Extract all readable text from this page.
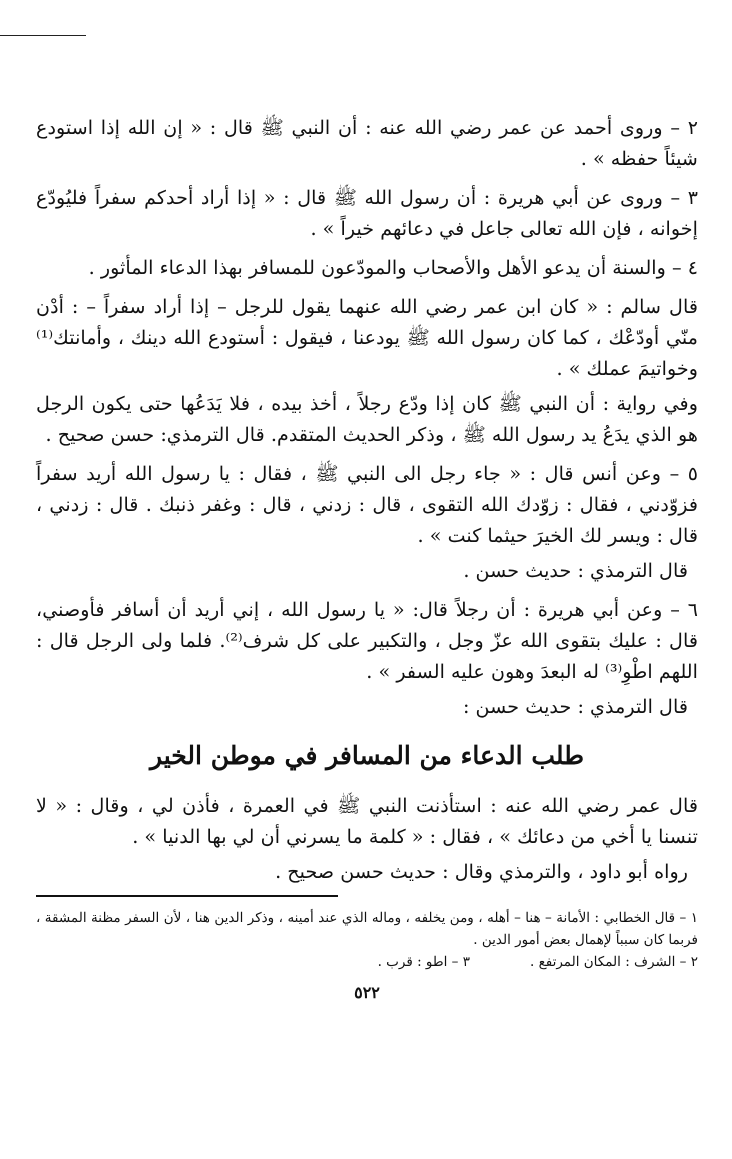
٢ – وروى أحمد عن عمر رضي الله عنه : أن النبي ﷺ قال : « إن الله إذا استودع شيئاً حفظه » .

٣ – وروى عن أبي هريرة : أن رسول الله ﷺ قال : « إذا أراد أحدكم سفراً فليُودّع إخوانه ، فإن الله تعالى جاعل في دعائهم خيراً » .

٤ – والسنة أن يدعو الأهل والأصحاب والمودّعون للمسافر بهذا الدعاء المأثور .

قال سالم : « كان ابن عمر رضي الله عنهما يقول للرجل – إذا أراد سفراً – : أدْن منّي أودّعْك ، كما كان رسول الله ﷺ يودعنا ، فيقول : أستودع الله دينك ، وأمانتك⁽¹⁾ وخواتيمَ عملك » .

وفي رواية : أن النبي ﷺ كان إذا ودّع رجلاً ، أخذ بيده ، فلا يَدَعُها حتى يكون الرجل هو الذي يدَعُ يد رسول الله ﷺ ، وذكر الحديث المتقدم. قال الترمذي: حسن صحيح .

٥ – وعن أنس قال : « جاء رجل الى النبي ﷺ ، فقال : يا رسول الله أريد سفراً فزوّدني ، فقال : زوّدك الله التقوى ، قال : زدني ، قال : وغفر ذنبك . قال : زدني ، قال : ويسر لك الخيرَ حيثما كنت » .

قال الترمذي : حديث حسن .

٦ – وعن أبي هريرة : أن رجلاً قال: « يا رسول الله ، إني أريد أن أسافر فأوصني، قال : عليك بتقوى الله عزّ وجل ، والتكبير على كل شرف⁽²⁾. فلما ولى الرجل قال : اللهم اطْوِ⁽³⁾ له البعدَ وهون عليه السفر » .

قال الترمذي : حديث حسن :

طلب الدعاء من المسافر في موطن الخير

قال عمر رضي الله عنه : استأذنت النبي ﷺ في العمرة ، فأذن لي ، وقال : « لا تنسنا يا أخي من دعائك » ، فقال : « كلمة ما يسرني أن لي بها الدنيا » .

رواه أبو داود ، والترمذي وقال : حديث حسن صحيح .

١ – قال الخطابي : الأمانة – هنا – أهله ، ومن يخلفه ، وماله الذي عند أمينه ، وذكر الدين هنا ، لأن السفر مظنة المشقة ، فربما كان سبباً لإهمال بعض أمور الدين .

٢ – الشرف : المكان المرتفع .
٣ – اطو : قرب .
٥٢٢
